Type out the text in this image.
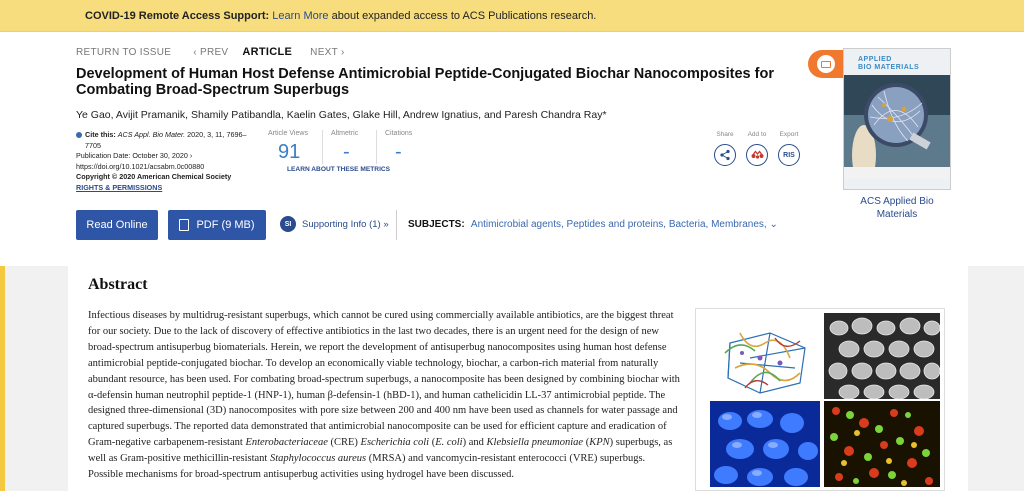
COVID-19 Remote Access Support: Learn More about expanded access to ACS Publications research.
RETURN TO ISSUE ‹ PREV ARTICLE NEXT ›
Development of Human Host Defense Antimicrobial Peptide-Conjugated Biochar Nanocomposites for Combating Broad-Spectrum Superbugs
Ye Gao, Avijit Pramanik, Shamily Patibandla, Kaelin Gates, Glake Hill, Andrew Ignatius, and Paresh Chandra Ray*
Cite this: ACS Appl. Bio Mater. 2020, 3, 11, 7696–7705
Publication Date: October 30, 2020 ›
https://doi.org/10.1021/acsabm.0c00880
Copyright © 2020 American Chemical Society
RIGHTS & PERMISSIONS
Article Views
91
Altmetric
-
Citations
-
LEARN ABOUT THESE METRICS
Share	Add to	Export
RIS
Read Online	PDF (9 MB)	SI	Supporting Info (1) » SUBJECTS: Antimicrobial agents, Peptides and proteins, Bacteria, Membranes, ⌄
APPLIED
BIO MATERIALS
ACS Applied Bio Materials
Abstract

Infectious diseases by multidrug-resistant superbugs, which cannot be cured using commercially available antibiotics, are the biggest threat for our society. Due to the lack of discovery of effective antibiotics in the last two decades, there is an urgent need for the design of new broad-spectrum antisuperbug biomaterials. Herein, we report the development of antisuperbug nanocomposites using human host defense antimicrobial peptide-conjugated biochar. To develop an economically viable technology, biochar, a carbon-rich material from naturally abundant resource, has been used. For combating broad-spectrum superbugs, a nanocomposite has been designed by combining biochar with α-defensin human neutrophil peptide-1 (HNP-1), human β-defensin-1 (hBD-1), and human cathelicidin LL-37 antimicrobial peptide. The designed three-dimensional (3D) nanocomposites with pore size between 200 and 400 nm have been used as channels for water passage and captured superbugs. The reported data demonstrated that antimicrobial nanocomposite can be used for efficient capture and eradication of Gram-negative carbapenem-resistant Enterobacteriaceae (CRE) Escherichia coli (E. coli) and Klebsiella pneumoniae (KPN) superbugs, as well as Gram-positive methicillin-resistant Staphylococcus aureus (MRSA) and vancomycin-resistant enterococci (VRE) superbugs. Possible mechanisms for broad-spectrum antisuperbug activities using hydrogel have been discussed.
